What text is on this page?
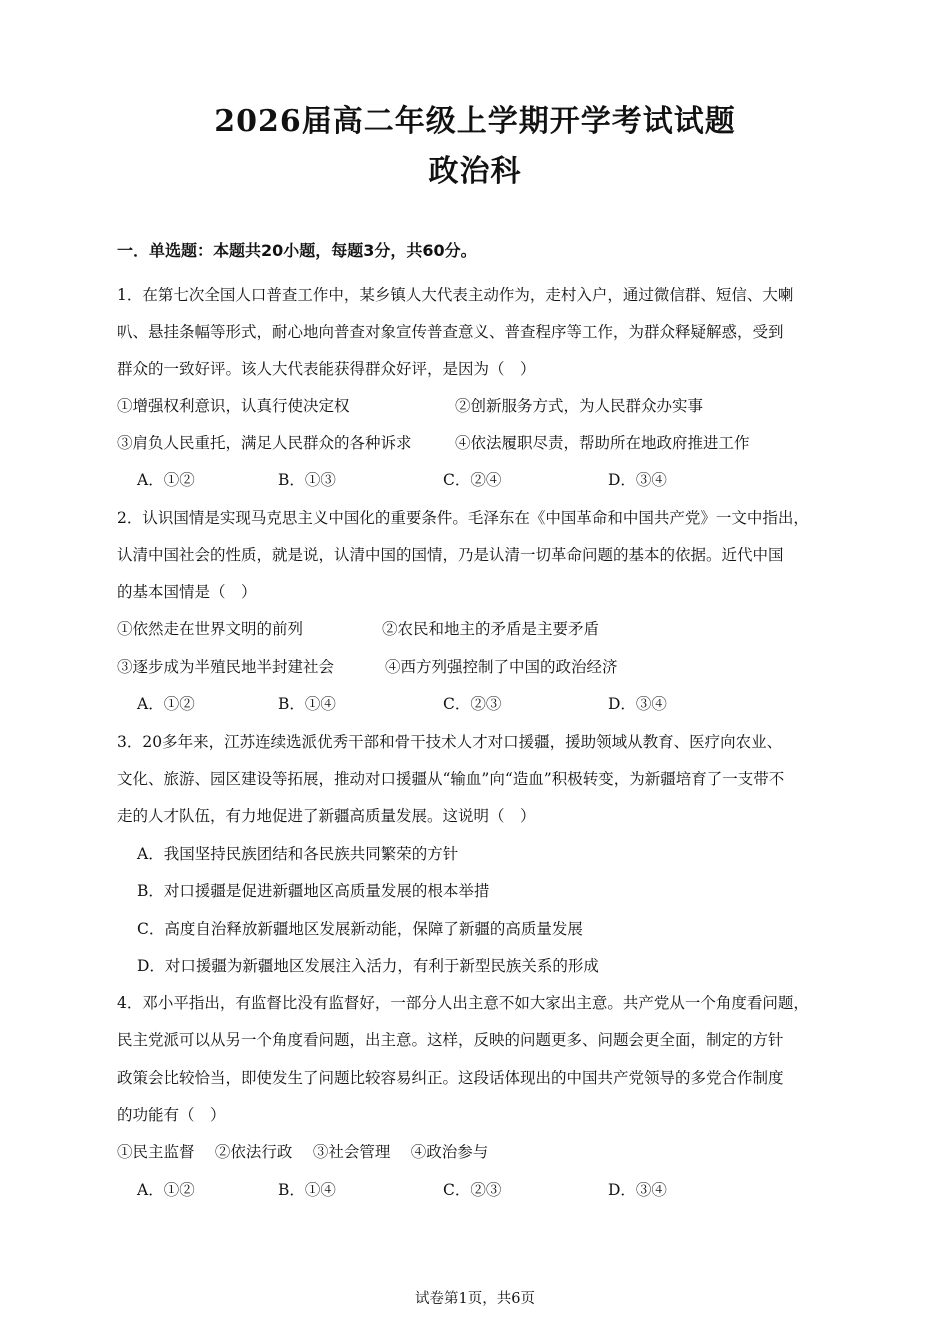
2026届高二年级上学期开学考试试题
政治科
一．单选题：本题共20小题，每题3分，共60分。
1．在第七次全国人口普查工作中，某乡镇人大代表主动作为，走村入户，通过微信群、短信、大喇
叭、悬挂条幅等形式，耐心地向普查对象宣传普查意义、普查程序等工作，为群众释疑解惑，受到
群众的一致好评。该人大代表能获得群众好评，是因为（　）
①增强权利意识，认真行使决定权	②创新服务方式，为人民群众办实事
③肩负人民重托，满足人民群众的各种诉求	④依法履职尽责，帮助所在地政府推进工作
A．①②	B．①③	C．②④	D．③④
2．认识国情是实现马克思主义中国化的重要条件。毛泽东在《中国革命和中国共产党》一文中指出，
认清中国社会的性质，就是说，认清中国的国情，乃是认清一切革命问题的基本的依据。近代中国
的基本国情是（　）
①依然走在世界文明的前列	②农民和地主的矛盾是主要矛盾
③逐步成为半殖民地半封建社会	④西方列强控制了中国的政治经济
A．①②	B．①④	C．②③	D．③④
3．20多年来，江苏连续选派优秀干部和骨干技术人才对口援疆，援助领域从教育、医疗向农业、
文化、旅游、园区建设等拓展，推动对口援疆从“输血”向“造血”积极转变，为新疆培育了一支带不
走的人才队伍，有力地促进了新疆高质量发展。这说明（　）
A．我国坚持民族团结和各民族共同繁荣的方针
B．对口援疆是促进新疆地区高质量发展的根本举措
C．高度自治释放新疆地区发展新动能，保障了新疆的高质量发展
D．对口援疆为新疆地区发展注入活力，有利于新型民族关系的形成
4．邓小平指出，有监督比没有监督好，一部分人出主意不如大家出主意。共产党从一个角度看问题，
民主党派可以从另一个角度看问题，出主意。这样，反映的问题更多、问题会更全面，制定的方针
政策会比较恰当，即使发生了问题比较容易纠正。这段话体现出的中国共产党领导的多党合作制度
的功能有（　）
①民主监督　 ②依法行政　 ③社会管理　 ④政治参与
A．①②	B．①④	C．②③	D．③④
试卷第1页，共6页
